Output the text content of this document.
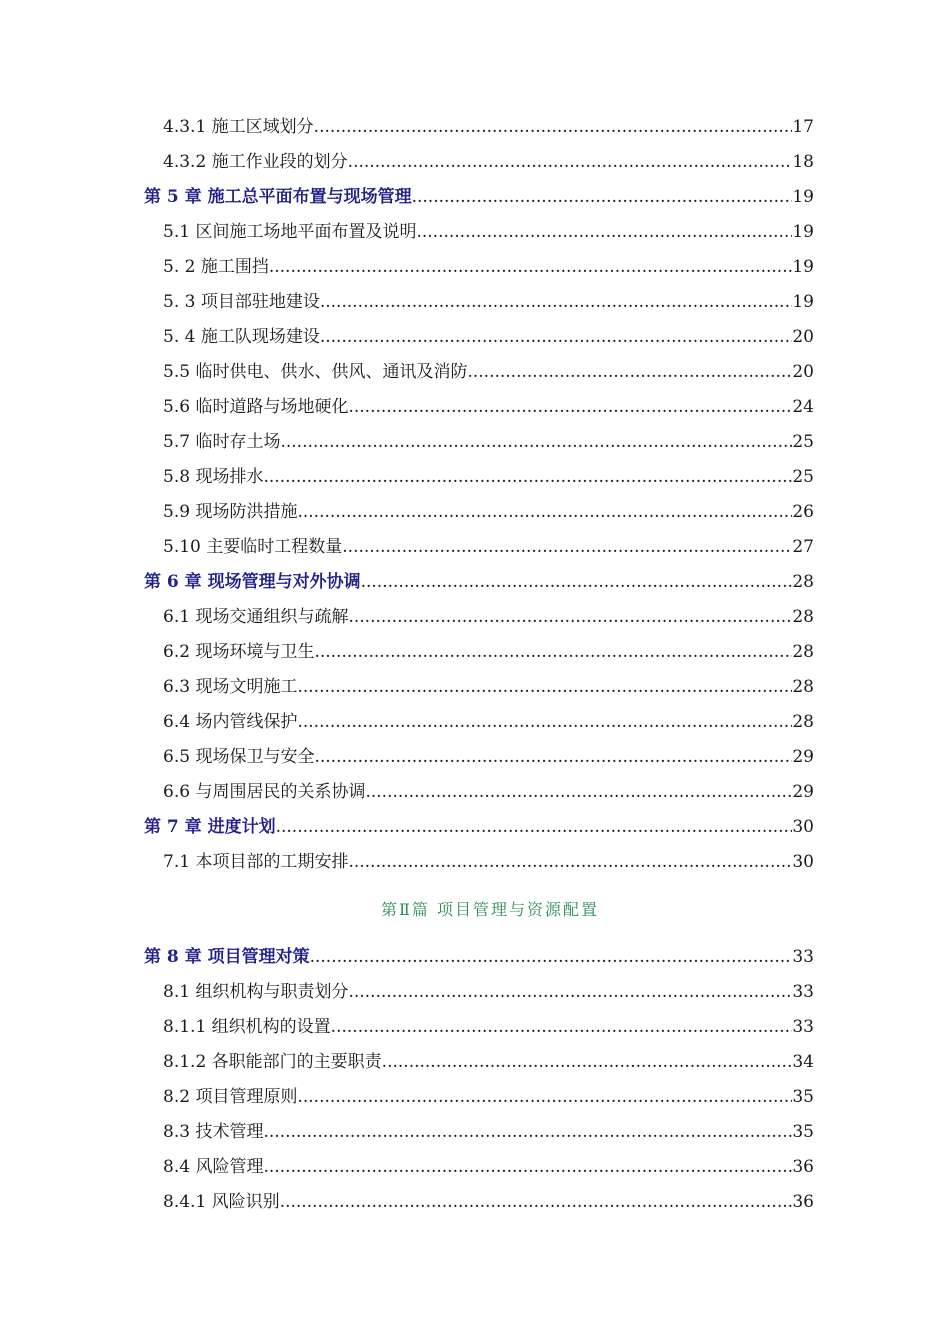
4.3.1 施工区域划分 .....	17
4.3.2 施工作业段的划分 .....	18
第 5 章 施工总平面布置与现场管理 .....	19
5.1 区间施工场地平面布置及说明 .....	19
5. 2 施工围挡 .....	19
5. 3 项目部驻地建设 .....	19
5. 4 施工队现场建设 .....	20
5.5 临时供电、供水、供风、通讯及消防 .....	20
5.6 临时道路与场地硬化 .....	24
5.7 临时存土场 .....	25
5.8 现场排水 .....	25
5.9 现场防洪措施 .....	26
5.10 主要临时工程数量 .....	27
第 6 章 现场管理与对外协调 .....	28
6.1 现场交通组织与疏解 .....	28
6.2 现场环境与卫生 .....	28
6.3 现场文明施工 .....	28
6.4 场内管线保护 .....	28
6.5 现场保卫与安全 .....	29
6.6 与周围居民的关系协调 .....	29
第 7 章 进度计划 .....	30
7.1 本项目部的工期安排 .....	30
第Ⅱ篇 项目管理与资源配置
第 8 章 项目管理对策 .....	33
8.1 组织机构与职责划分 .....	33
8.1.1 组织机构的设置 .....	33
8.1.2 各职能部门的主要职责 .....	34
8.2 项目管理原则 .....	35
8.3 技术管理 .....	35
8.4 风险管理 .....	36
8.4.1 风险识别 .....	36
